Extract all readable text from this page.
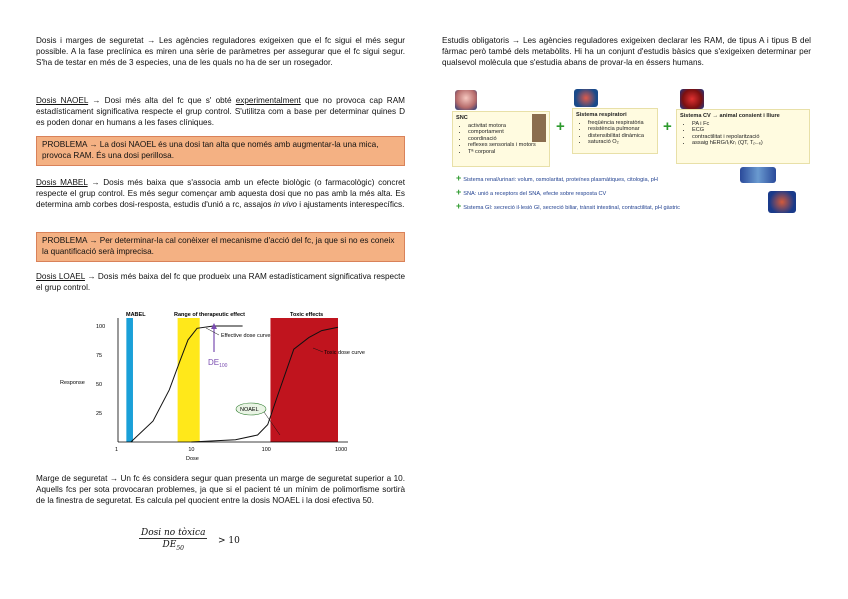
Dosis i marges de seguretat → Les agències reguladores exigeixen que el fc sigui el més segur possible. A la fase preclínica es miren una sèrie de paràmetres per assegurar que el fc sigui segur. S'ha de testar en més de 3 especies, una de les quals no ha de ser un rosegador.

Dosis NAOEL → Dosi més alta del fc que s' obté experimentalment que no provoca cap RAM estadísticament significativa respecte el grup control. S'utilitza com a base per determinar quines D es poden donar en humans a les fases clíniques.

PROBLEMA → La dosi NAOEL és una dosi tan alta que només amb augmentar-la una mica, provoca RAM. És una dosi perillosa.

Dosis MABEL → Dosis més baixa que s'associa amb un efecte biològic (o farmacològic) concret respecte el grup control. Es més segur començar amb aquesta dosi que no pas amb la més alta. Es determina amb corbes dosi-resposta, estudis d'unió a rc, assajos in vivo i ajustaments interespecífics.

PROBLEMA → Per determinar-la cal conèixer el mecanisme d'acció del fc, ja que si no es coneix la quantificació serà imprecisa.

Dosis LOAEL → Dosis més baixa del fc que produeix una RAM estadísticament significativa respecte el grup control.

MABEL	Range of therapeutic effect	Toxic effects
100
75
50
25
1	10	100	1000
Response
Dose
Effective dose curve
$DE_{100}$
Toxic dose curve
NOAEL

Marge de seguretat → Un fc és considera segur quan presenta un marge de seguretat superior a 10. Aquells fcs per sota provocaran problemes, ja que si el pacient té un mínim de polimorfisme sortirà de la finestra de seguretat. Es calcula pel quocient entre la dosis NOAEL i la dosi efectiva 50.

Dosi no tòxica
$DE_{50}$
> 10

Estudis obligatoris → Les agències reguladores exigeixen declarar les RAM, de tipus A i tipus B del fàrmac però també dels metabòlits. Hi ha un conjunt d'estudis bàsics que s'exigeixen determinar per qualsevol molècula que s'estudia abans de provar-la en éssers humans.

SNC
• activitat motora
• comportament
• coordinació
• reflexes sensorials i motors
• Tª corporal
+
Sistema respiratori
• freqüència respiratòria
• resistència pulmonar
• distensibilitat dinàmica
• saturació O₂
+
Sistema CV → animal consient i lliure
• PA i Fc
• ECG
• contractilitat i repolarització
• assaig hERG/I₍Kr₎ (QT, Tₚ₋ₑ)
+ Sistema renal/urinari: volum, osmolaritat, proteïnes plasmàtiques, citologia, pH
+ SNA: unió a receptors del SNA, efecte sobre resposta CV
+ Sistema GI: secreció il·lesiò GI, secreció biliar, trànsit intestinal, contractilitat, pH gàstric
